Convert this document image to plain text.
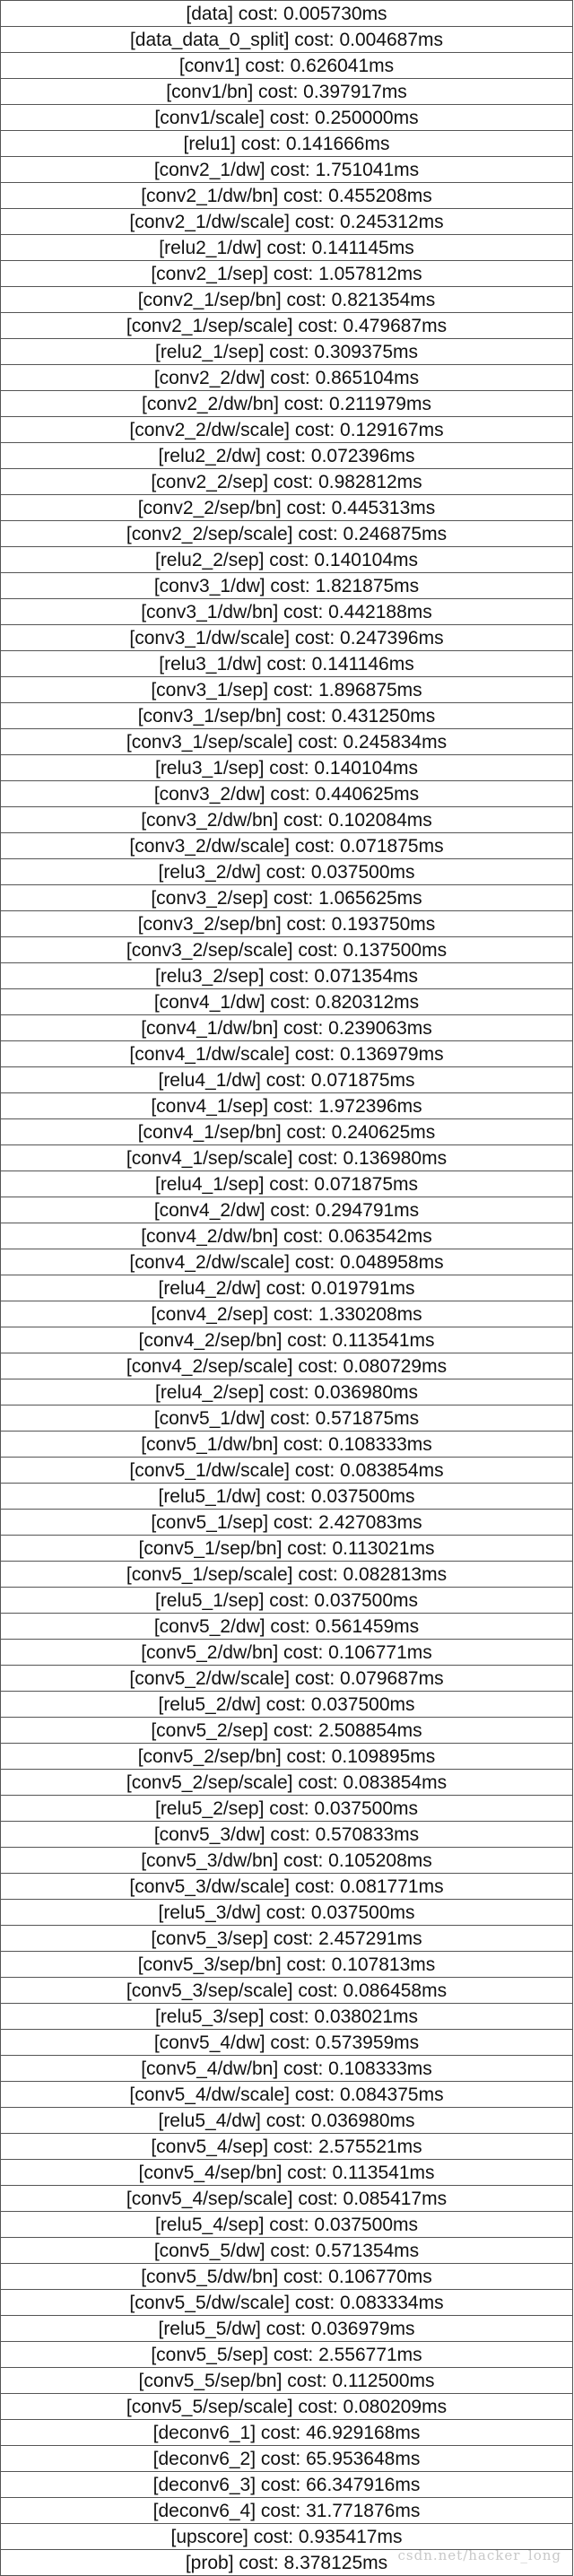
[data] cost: 0.005730ms
[data_data_0_split] cost: 0.004687ms
[conv1] cost: 0.626041ms
[conv1/bn] cost: 0.397917ms
[conv1/scale] cost: 0.250000ms
[relu1] cost: 0.141666ms
[conv2_1/dw] cost: 1.751041ms
[conv2_1/dw/bn] cost: 0.455208ms
[conv2_1/dw/scale] cost: 0.245312ms
[relu2_1/dw] cost: 0.141145ms
[conv2_1/sep] cost: 1.057812ms
[conv2_1/sep/bn] cost: 0.821354ms
[conv2_1/sep/scale] cost: 0.479687ms
[relu2_1/sep] cost: 0.309375ms
[conv2_2/dw] cost: 0.865104ms
[conv2_2/dw/bn] cost: 0.211979ms
[conv2_2/dw/scale] cost: 0.129167ms
[relu2_2/dw] cost: 0.072396ms
[conv2_2/sep] cost: 0.982812ms
[conv2_2/sep/bn] cost: 0.445313ms
[conv2_2/sep/scale] cost: 0.246875ms
[relu2_2/sep] cost: 0.140104ms
[conv3_1/dw] cost: 1.821875ms
[conv3_1/dw/bn] cost: 0.442188ms
[conv3_1/dw/scale] cost: 0.247396ms
[relu3_1/dw] cost: 0.141146ms
[conv3_1/sep] cost: 1.896875ms
[conv3_1/sep/bn] cost: 0.431250ms
[conv3_1/sep/scale] cost: 0.245834ms
[relu3_1/sep] cost: 0.140104ms
[conv3_2/dw] cost: 0.440625ms
[conv3_2/dw/bn] cost: 0.102084ms
[conv3_2/dw/scale] cost: 0.071875ms
[relu3_2/dw] cost: 0.037500ms
[conv3_2/sep] cost: 1.065625ms
[conv3_2/sep/bn] cost: 0.193750ms
[conv3_2/sep/scale] cost: 0.137500ms
[relu3_2/sep] cost: 0.071354ms
[conv4_1/dw] cost: 0.820312ms
[conv4_1/dw/bn] cost: 0.239063ms
[conv4_1/dw/scale] cost: 0.136979ms
[relu4_1/dw] cost: 0.071875ms
[conv4_1/sep] cost: 1.972396ms
[conv4_1/sep/bn] cost: 0.240625ms
[conv4_1/sep/scale] cost: 0.136980ms
[relu4_1/sep] cost: 0.071875ms
[conv4_2/dw] cost: 0.294791ms
[conv4_2/dw/bn] cost: 0.063542ms
[conv4_2/dw/scale] cost: 0.048958ms
[relu4_2/dw] cost: 0.019791ms
[conv4_2/sep] cost: 1.330208ms
[conv4_2/sep/bn] cost: 0.113541ms
[conv4_2/sep/scale] cost: 0.080729ms
[relu4_2/sep] cost: 0.036980ms
[conv5_1/dw] cost: 0.571875ms
[conv5_1/dw/bn] cost: 0.108333ms
[conv5_1/dw/scale] cost: 0.083854ms
[relu5_1/dw] cost: 0.037500ms
[conv5_1/sep] cost: 2.427083ms
[conv5_1/sep/bn] cost: 0.113021ms
[conv5_1/sep/scale] cost: 0.082813ms
[relu5_1/sep] cost: 0.037500ms
[conv5_2/dw] cost: 0.561459ms
[conv5_2/dw/bn] cost: 0.106771ms
[conv5_2/dw/scale] cost: 0.079687ms
[relu5_2/dw] cost: 0.037500ms
[conv5_2/sep] cost: 2.508854ms
[conv5_2/sep/bn] cost: 0.109895ms
[conv5_2/sep/scale] cost: 0.083854ms
[relu5_2/sep] cost: 0.037500ms
[conv5_3/dw] cost: 0.570833ms
[conv5_3/dw/bn] cost: 0.105208ms
[conv5_3/dw/scale] cost: 0.081771ms
[relu5_3/dw] cost: 0.037500ms
[conv5_3/sep] cost: 2.457291ms
[conv5_3/sep/bn] cost: 0.107813ms
[conv5_3/sep/scale] cost: 0.086458ms
[relu5_3/sep] cost: 0.038021ms
[conv5_4/dw] cost: 0.573959ms
[conv5_4/dw/bn] cost: 0.108333ms
[conv5_4/dw/scale] cost: 0.084375ms
[relu5_4/dw] cost: 0.036980ms
[conv5_4/sep] cost: 2.575521ms
[conv5_4/sep/bn] cost: 0.113541ms
[conv5_4/sep/scale] cost: 0.085417ms
[relu5_4/sep] cost: 0.037500ms
[conv5_5/dw] cost: 0.571354ms
[conv5_5/dw/bn] cost: 0.106770ms
[conv5_5/dw/scale] cost: 0.083334ms
[relu5_5/dw] cost: 0.036979ms
[conv5_5/sep] cost: 2.556771ms
[conv5_5/sep/bn] cost: 0.112500ms
[conv5_5/sep/scale] cost: 0.080209ms
[deconv6_1] cost: 46.929168ms
[deconv6_2] cost: 65.953648ms
[deconv6_3] cost: 66.347916ms
[deconv6_4] cost: 31.771876ms
[upscore] cost: 0.935417ms
[prob] cost: 8.378125ms csdn.net/hacker_long
